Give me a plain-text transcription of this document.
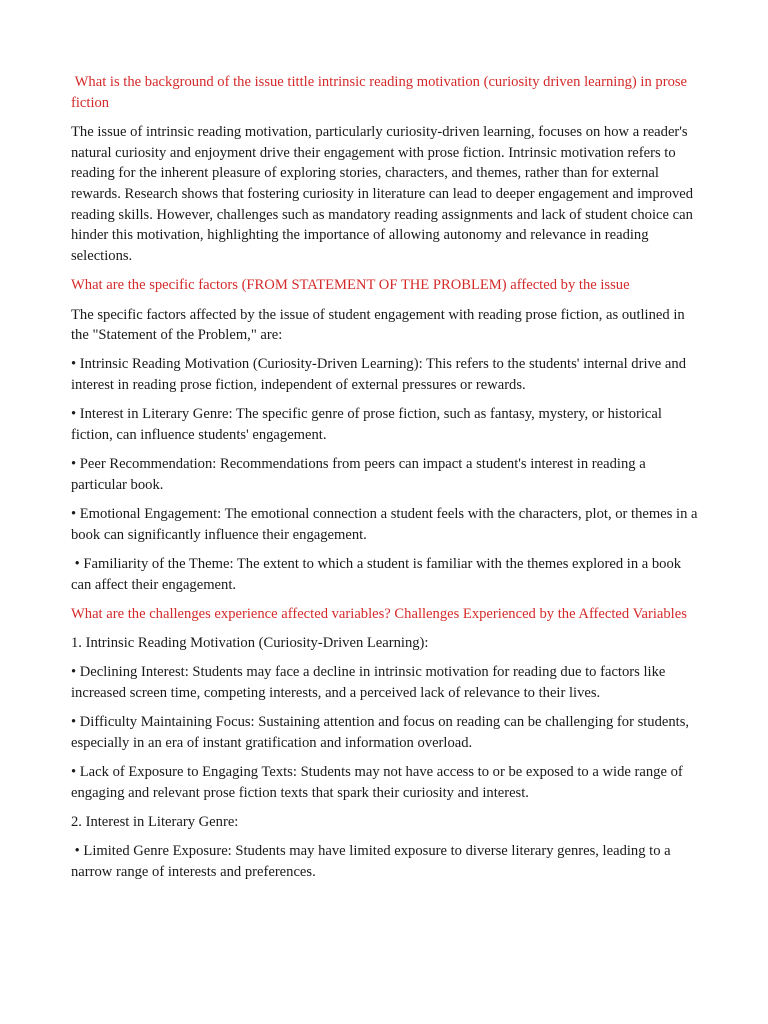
What is the background of the issue tittle intrinsic reading motivation (curiosity driven learning) in prose fiction

The issue of intrinsic reading motivation, particularly curiosity-driven learning, focuses on how a reader's natural curiosity and enjoyment drive their engagement with prose fiction. Intrinsic motivation refers to reading for the inherent pleasure of exploring stories, characters, and themes, rather than for external rewards. Research shows that fostering curiosity in literature can lead to deeper engagement and improved reading skills. However, challenges such as mandatory reading assignments and lack of student choice can hinder this motivation, highlighting the importance of allowing autonomy and relevance in reading selections.

What are the specific factors (FROM STATEMENT OF THE PROBLEM) affected by the issue

The specific factors affected by the issue of student engagement with reading prose fiction, as outlined in the "Statement of the Problem," are:

• Intrinsic Reading Motivation (Curiosity-Driven Learning): This refers to the students' internal drive and interest in reading prose fiction, independent of external pressures or rewards.

• Interest in Literary Genre: The specific genre of prose fiction, such as fantasy, mystery, or historical fiction, can influence students' engagement.

• Peer Recommendation: Recommendations from peers can impact a student's interest in reading a particular book.

• Emotional Engagement: The emotional connection a student feels with the characters, plot, or themes in a book can significantly influence their engagement.

• Familiarity of the Theme: The extent to which a student is familiar with the themes explored in a book can affect their engagement.

What are the challenges experience affected variables? Challenges Experienced by the Affected Variables

1. Intrinsic Reading Motivation (Curiosity-Driven Learning):

• Declining Interest: Students may face a decline in intrinsic motivation for reading due to factors like increased screen time, competing interests, and a perceived lack of relevance to their lives.

• Difficulty Maintaining Focus: Sustaining attention and focus on reading can be challenging for students, especially in an era of instant gratification and information overload.

• Lack of Exposure to Engaging Texts: Students may not have access to or be exposed to a wide range of engaging and relevant prose fiction texts that spark their curiosity and interest.

2. Interest in Literary Genre:

• Limited Genre Exposure: Students may have limited exposure to diverse literary genres, leading to a narrow range of interests and preferences.
